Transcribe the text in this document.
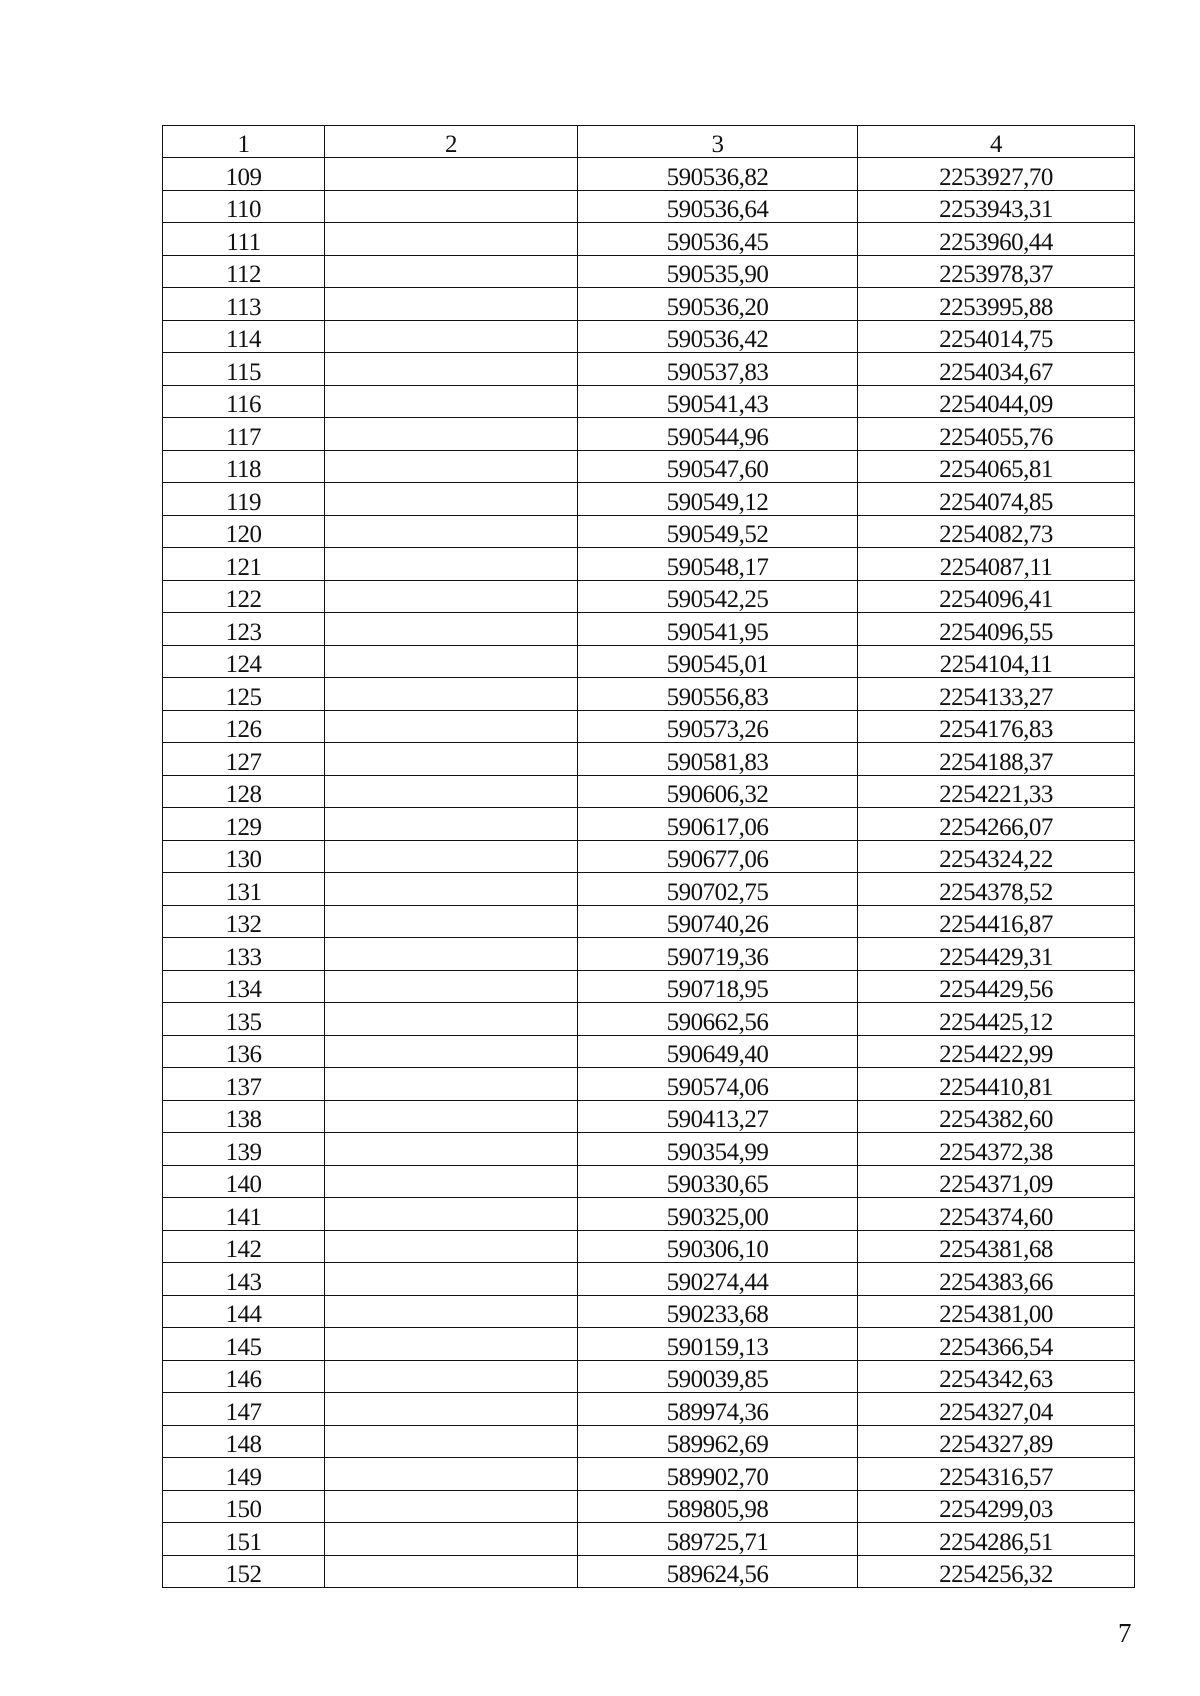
1	2	3	4
109		590536,82	2253927,70
110		590536,64	2253943,31
111		590536,45	2253960,44
112		590535,90	2253978,37
113		590536,20	2253995,88
114		590536,42	2254014,75
115		590537,83	2254034,67
116		590541,43	2254044,09
117		590544,96	2254055,76
118		590547,60	2254065,81
119		590549,12	2254074,85
120		590549,52	2254082,73
121		590548,17	2254087,11
122		590542,25	2254096,41
123		590541,95	2254096,55
124		590545,01	2254104,11
125		590556,83	2254133,27
126		590573,26	2254176,83
127		590581,83	2254188,37
128		590606,32	2254221,33
129		590617,06	2254266,07
130		590677,06	2254324,22
131		590702,75	2254378,52
132		590740,26	2254416,87
133		590719,36	2254429,31
134		590718,95	2254429,56
135		590662,56	2254425,12
136		590649,40	2254422,99
137		590574,06	2254410,81
138		590413,27	2254382,60
139		590354,99	2254372,38
140		590330,65	2254371,09
141		590325,00	2254374,60
142		590306,10	2254381,68
143		590274,44	2254383,66
144		590233,68	2254381,00
145		590159,13	2254366,54
146		590039,85	2254342,63
147		589974,36	2254327,04
148		589962,69	2254327,89
149		589902,70	2254316,57
150		589805,98	2254299,03
151		589725,71	2254286,51
152		589624,56	2254256,32
7
